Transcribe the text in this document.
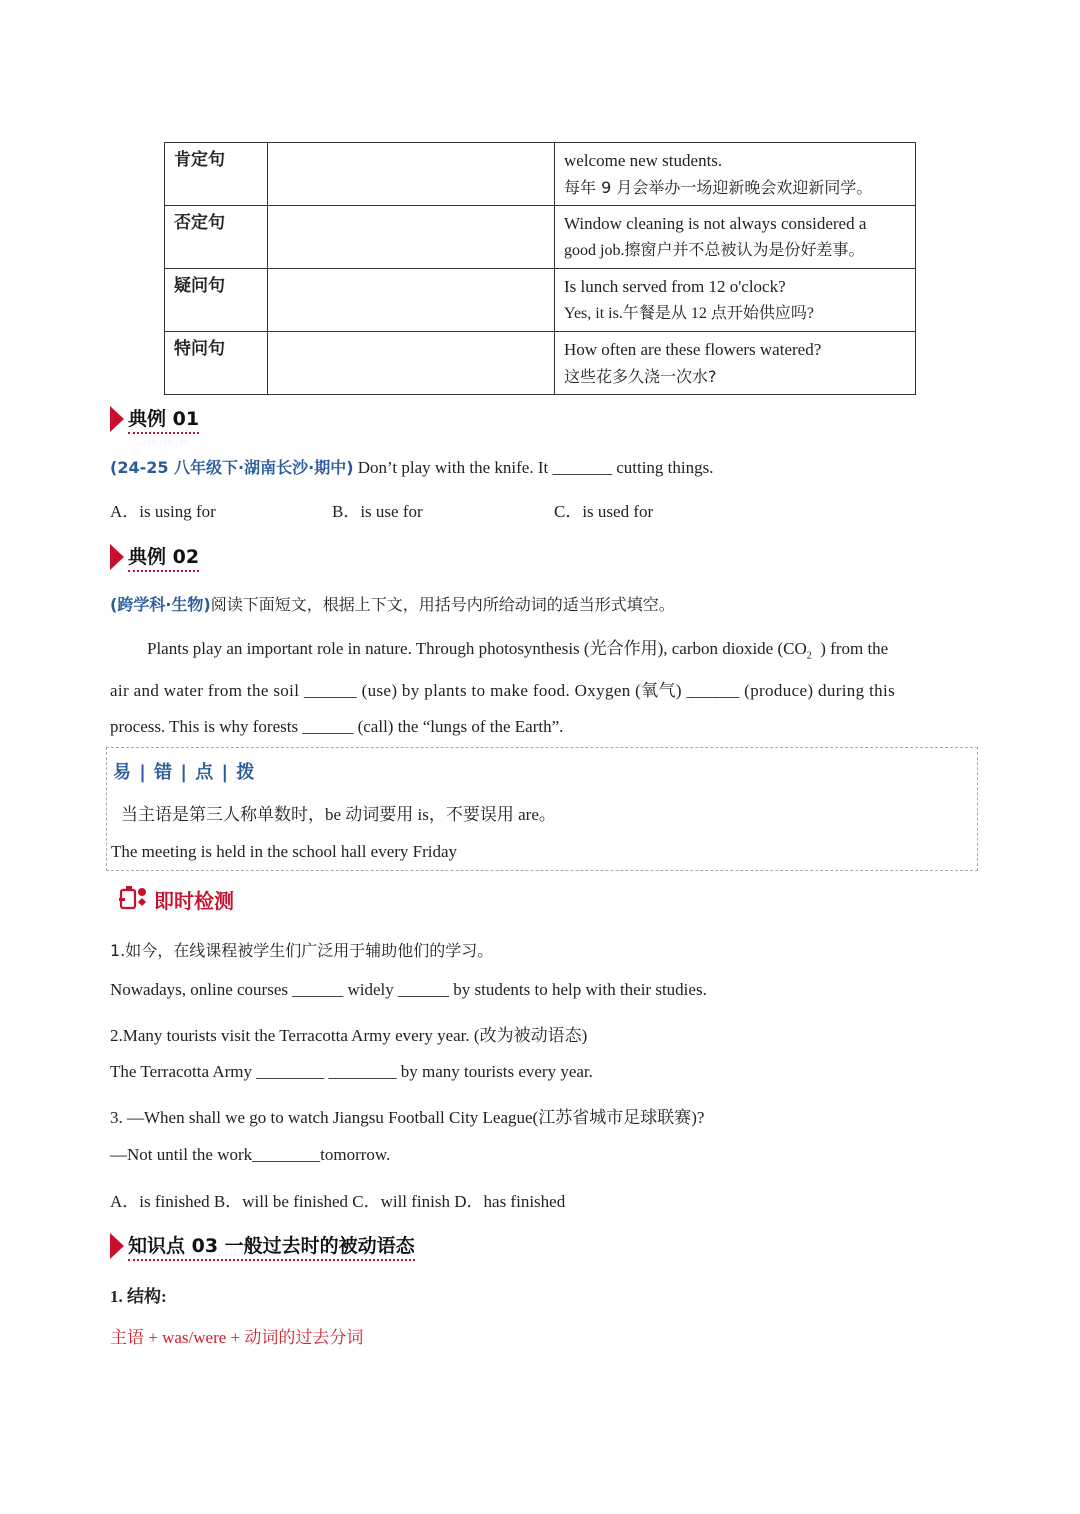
肯定句		welcome new students.
每年 9 月会举办一场迎新晚会欢迎新同学。

否定句		Window cleaning is not always considered a
good job.擦窗户并不总被认为是份好差事。

疑问句		Is lunch served from 12 o'clock?
Yes, it is.午餐是从 12 点开始供应吗?

特问句		How often are these flowers watered?
这些花多久浇一次水?
典例 01
(24-25 八年级下·湖南长沙·期中) Don’t play with the knife. It _______ cutting things.
A．is using for	B．is use for	C．is used for
典例 02
(跨学科·生物)阅读下面短文，根据上下文，用括号内所给动词的适当形式填空。
Plants play an important role in nature. Through photosynthesis (光合作用), carbon dioxide ($CO_2$ ) from the
air and water from the soil ______ (use) by plants to make food. Oxygen (氧气) ______ (produce) during this
process. This is why forests ______ (call) the “lungs of the Earth”.
易 | 错 | 点 | 拨
当主语是第三人称单数时，be 动词要用 is，不要误用 are。
The meeting is held in the school hall every Friday
即时检测
1.如今，在线课程被学生们广泛用于辅助他们的学习。
Nowadays, online courses ______ widely ______ by students to help with their studies.
2.Many tourists visit the Terracotta Army every year. (改为被动语态)
The Terracotta Army ________ ________ by many tourists every year.
3. —When shall we go to watch Jiangsu Football City League(江苏省城市足球联赛)?
—Not until the work________tomorrow.
A．is finished B．will be finished C．will finish D．has finished
知识点 03 一般过去时的被动语态
1. 结构:
主语 + was/were + 动词的过去分词
